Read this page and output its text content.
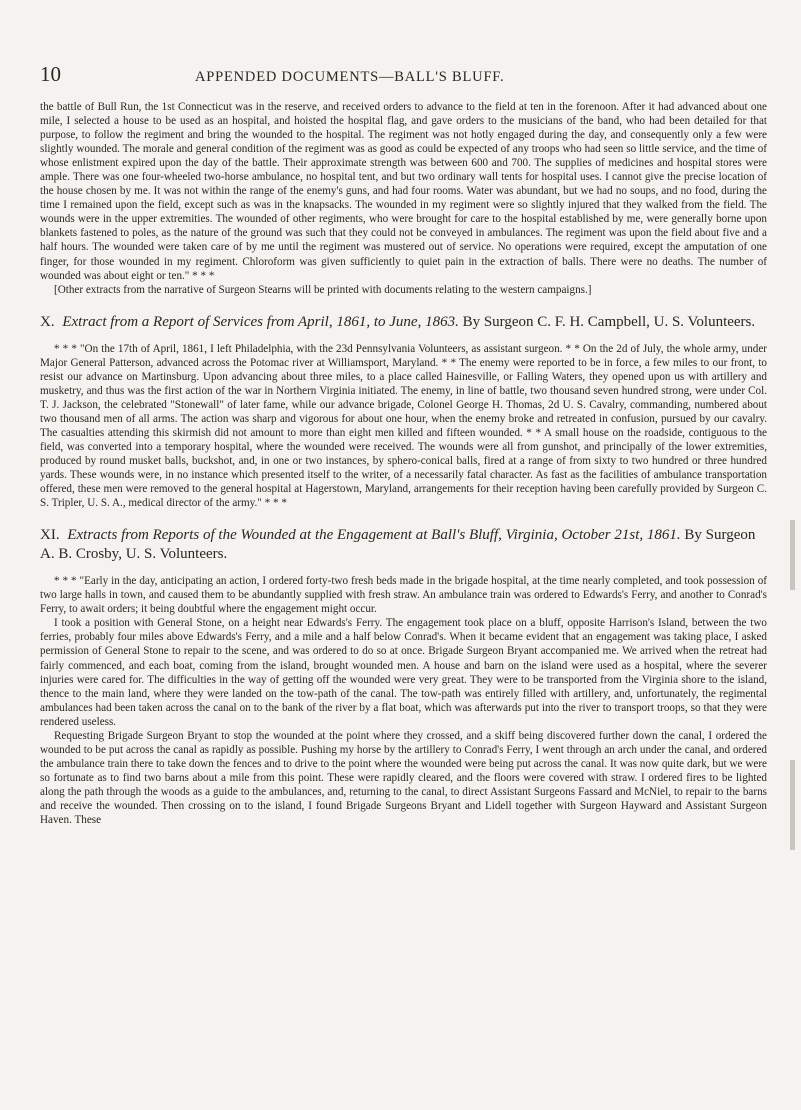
10	APPENDED DOCUMENTS—BALL'S BLUFF.

the battle of Bull Run, the 1st Connecticut was in the reserve, and received orders to advance to the field at ten in the forenoon. After it had advanced about one mile, I selected a house to be used as an hospital, and hoisted the hospital flag, and gave orders to the musicians of the band, who had been detailed for that purpose, to follow the regiment and bring the wounded to the hospital. The regiment was not hotly engaged during the day, and consequently only a few were slightly wounded. The morale and general condition of the regiment was as good as could be expected of any troops who had seen so little service, and the time of whose enlistment expired upon the day of the battle. Their approximate strength was between 600 and 700. The supplies of medicines and hospital stores were ample. There was one four-wheeled two-horse ambulance, no hospital tent, and but two ordinary wall tents for hospital uses. I cannot give the precise location of the house chosen by me. It was not within the range of the enemy's guns, and had four rooms. Water was abundant, but we had no soups, and no food, during the time I remained upon the field, except such as was in the knapsacks. The wounded in my regiment were so slightly injured that they walked from the field. The wounds were in the upper extremities. The wounded of other regiments, who were brought for care to the hospital established by me, were generally borne upon blankets fastened to poles, as the nature of the ground was such that they could not be conveyed in ambulances. The regiment was upon the field about five and a half hours. The wounded were taken care of by me until the regiment was mustered out of service. No operations were required, except the amputation of one finger, for those wounded in my regiment. Chloroform was given sufficiently to quiet pain in the extraction of balls. There were no deaths. The number of wounded was about eight or ten." * * *

[Other extracts from the narrative of Surgeon Stearns will be printed with documents relating to the western campaigns.]

X. Extract from a Report of Services from April, 1861, to June, 1863. By Surgeon C. F. H. Campbell, U. S. Volunteers.

* * * "On the 17th of April, 1861, I left Philadelphia, with the 23d Pennsylvania Volunteers, as assistant surgeon. * * On the 2d of July, the whole army, under Major General Patterson, advanced across the Potomac river at Williamsport, Maryland. * * The enemy were reported to be in force, a few miles to our front, to resist our advance on Martinsburg. Upon advancing about three miles, to a place called Hainesville, or Falling Waters, they opened upon us with artillery and musketry, and thus was the first action of the war in Northern Virginia initiated. The enemy, in line of battle, two thousand seven hundred strong, were under Col. T. J. Jackson, the celebrated "Stonewall" of later fame, while our advance brigade, Colonel George H. Thomas, 2d U. S. Cavalry, commanding, numbered about two thousand men of all arms. The action was sharp and vigorous for about one hour, when the enemy broke and retreated in confusion, pursued by our cavalry. The casualties attending this skirmish did not amount to more than eight men killed and fifteen wounded. * * A small house on the roadside, contiguous to the field, was converted into a temporary hospital, where the wounded were received. The wounds were all from gunshot, and principally of the lower extremities, produced by round musket balls, buckshot, and, in one or two instances, by sphero-conical balls, fired at a range of from sixty to two hundred or three hundred yards. These wounds were, in no instance which presented itself to the writer, of a necessarily fatal character. As fast as the facilities of ambulance transportation offered, these men were removed to the general hospital at Hagerstown, Maryland, arrangements for their reception having been carefully provided by Surgeon C. S. Tripler, U. S. A., medical director of the army." * * *

XI. Extracts from Reports of the Wounded at the Engagement at Ball's Bluff, Virginia, October 21st, 1861. By Surgeon A. B. Crosby, U. S. Volunteers.

* * * "Early in the day, anticipating an action, I ordered forty-two fresh beds made in the brigade hospital, at the time nearly completed, and took possession of two large halls in town, and caused them to be abundantly supplied with fresh straw. An ambulance train was ordered to Edwards's Ferry, and another to Conrad's Ferry, to await orders; it being doubtful where the engagement might occur.

I took a position with General Stone, on a height near Edwards's Ferry. The engagement took place on a bluff, opposite Harrison's Island, between the two ferries, probably four miles above Edwards's Ferry, and a mile and a half below Conrad's. When it became evident that an engagement was taking place, I asked permission of General Stone to repair to the scene, and was ordered to do so at once. Brigade Surgeon Bryant accompanied me. We arrived when the retreat had fairly commenced, and each boat, coming from the island, brought wounded men. A house and barn on the island were used as a hospital, where the severer injuries were cared for. The difficulties in the way of getting off the wounded were very great. They were to be transported from the Virginia shore to the island, thence to the main land, where they were landed on the tow-path of the canal. The tow-path was entirely filled with artillery, and, unfortunately, the regimental ambulances had been taken across the canal on to the bank of the river by a flat boat, which was afterwards put into the river to transport troops, so that they were rendered useless.

Requesting Brigade Surgeon Bryant to stop the wounded at the point where they crossed, and a skiff being discovered further down the canal, I ordered the wounded to be put across the canal as rapidly as possible. Pushing my horse by the artillery to Conrad's Ferry, I went through an arch under the canal, and ordered the ambulance train there to take down the fences and to drive to the point where the wounded were being put across the canal. It was now quite dark, but we were so fortunate as to find two barns about a mile from this point. These were rapidly cleared, and the floors were covered with straw. I ordered fires to be lighted along the path through the woods as a guide to the ambulances, and, returning to the canal, to direct Assistant Surgeons Fassard and McNiel, to repair to the barns and receive the wounded. Then crossing on to the island, I found Brigade Surgeons Bryant and Lidell together with Surgeon Hayward and Assistant Surgeon Haven. These
